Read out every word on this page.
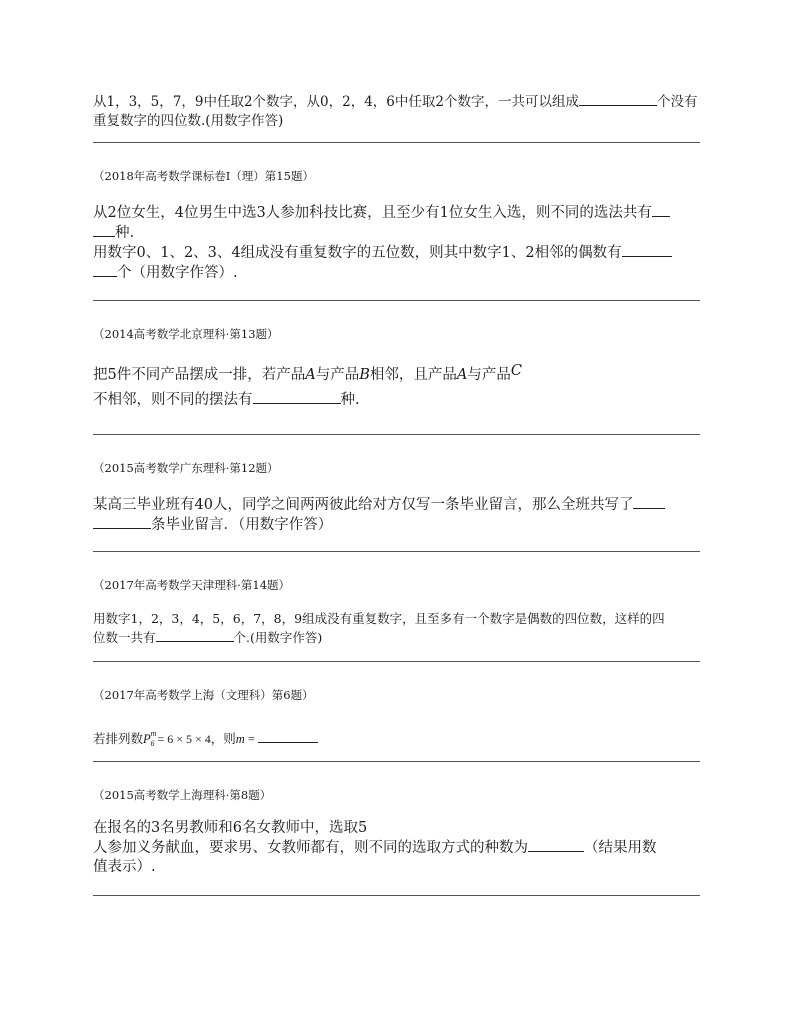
从1，3，5，7，9中任取2个数字，从0，2，4，6中任取2个数字，一共可以组成	个没有
重复数字的四位数.(用数字作答)
（2018年高考数学课标卷Ⅰ（理）第15题）
从2位女生，4位男生中选3人参加科技比赛，且至少有1位女生入选，则不同的选法共有
种.
用数字0、1、2、3、4组成没有重复数字的五位数，则其中数字1、2相邻的偶数有
个（用数字作答）.
（2014高考数学北京理科·第13题）
把5件不同产品摆成一排，若产品A与产品B相邻，且产品A与产品C
不相邻，则不同的摆法有	种.
（2015高考数学广东理科·第12题）
某高三毕业班有40人，同学之间两两彼此给对方仅写一条毕业留言，那么全班共写了
条毕业留言．（用数字作答）
（2017年高考数学天津理科·第14题）
用数字1，2，3，4，5，6，7，8，9组成没有重复数字，且至多有一个数字是偶数的四位数，这样的四
位数一共有	个.(用数字作答)
（2017年高考数学上海（文理科）第6题）
若排列数$P^m_6 = 6 \times 5 \times 4$，则m =
（2015高考数学上海理科·第8题）
在报名的3名男教师和6名女教师中，选取5
人参加义务献血，要求男、女教师都有，则不同的选取方式的种数为	（结果用数
值表示）.
